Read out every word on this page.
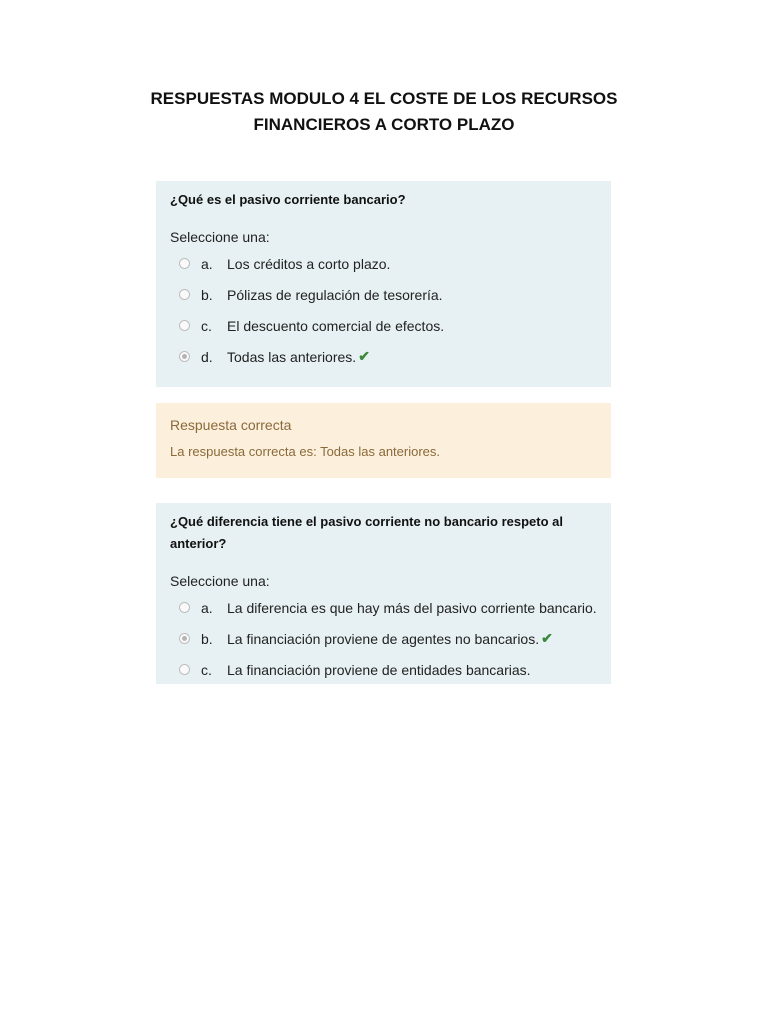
RESPUESTAS MODULO 4 EL COSTE DE LOS RECURSOS
FINANCIEROS A CORTO PLAZO
¿Qué es el pasivo corriente bancario?
Seleccione una:
a.	Los créditos a corto plazo.
b.	Pólizas de regulación de tesorería.
c.	El descuento comercial de efectos.
d.	Todas las anteriores. ✔
Respuesta correcta
La respuesta correcta es: Todas las anteriores.
¿Qué diferencia tiene el pasivo corriente no bancario respeto al
anterior?
Seleccione una:
a.	La diferencia es que hay más del pasivo corriente bancario.
b.	La financiación proviene de agentes no bancarios. ✔
c.	La financiación proviene de entidades bancarias.
